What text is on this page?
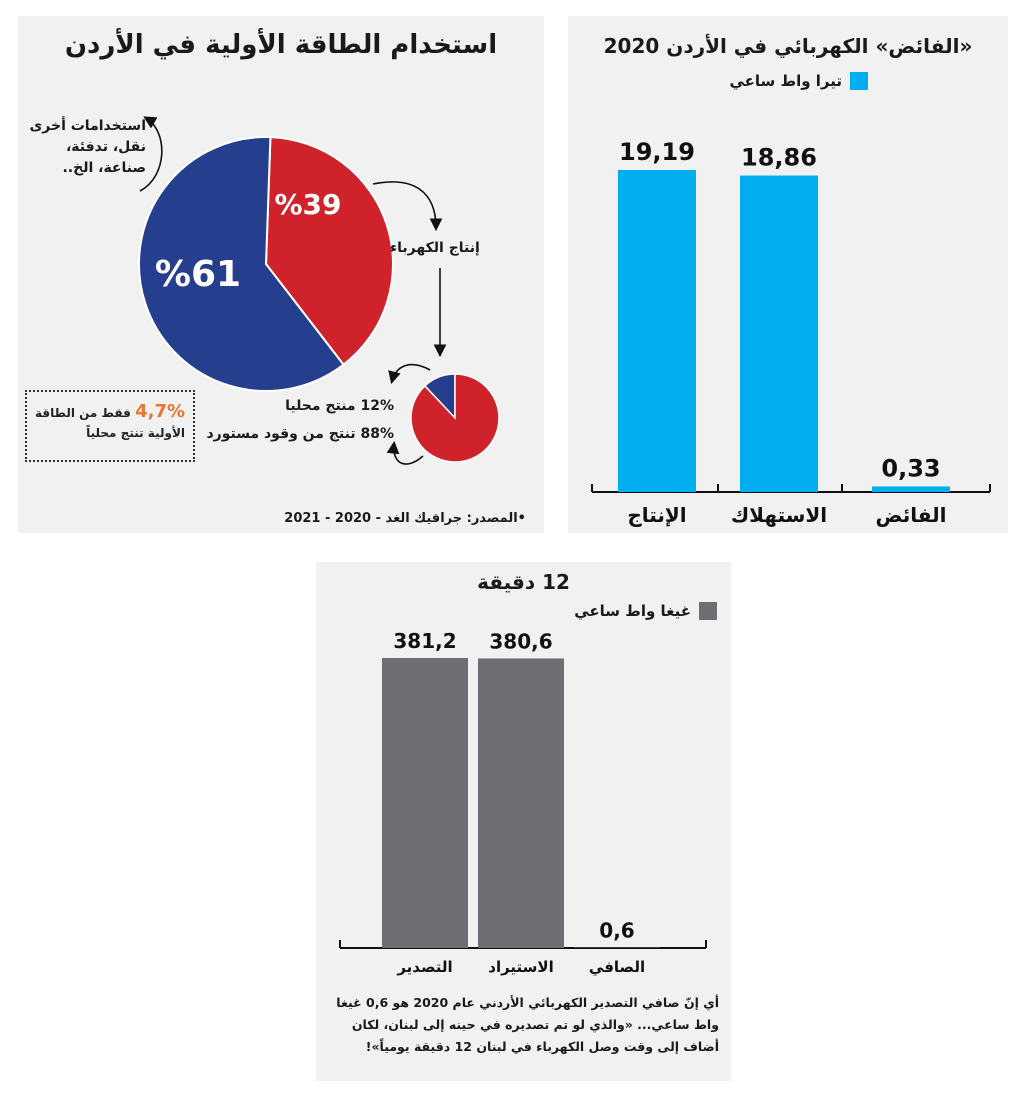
استخدام الطاقة الأولية في الأردن
%39
%61
استخدامات أخرى
نقل، تدفئة،
صناعة، الخ..
إنتاج الكهرباء
12% منتج محليا
88% تنتج من وقود مستورد
4,7% فقط من الطاقة
الأولية تنتج محلياً
•المصدر: جرافيك الغد - 2020 - 2021
«الفائض» الكهربائي في الأردن 2020
تيرا واط ساعي
19,19
الإنتاج
18,86
الاستهلاك
0,33
الفائض
12 دقيقة
غيغا واط ساعي
381,2
التصدير
380,6
الاستيراد
0,6
الصافي
أي إنّ صافي التصدير الكهربائي الأردني عام 2020 هو 0,6 غيغا واط ساعي... «والذي لو تم تصديره في حينه إلى لبنان، لكان أضاف إلى وقت وصل الكهرباء في لبنان 12 دقيقة يومياً»!
